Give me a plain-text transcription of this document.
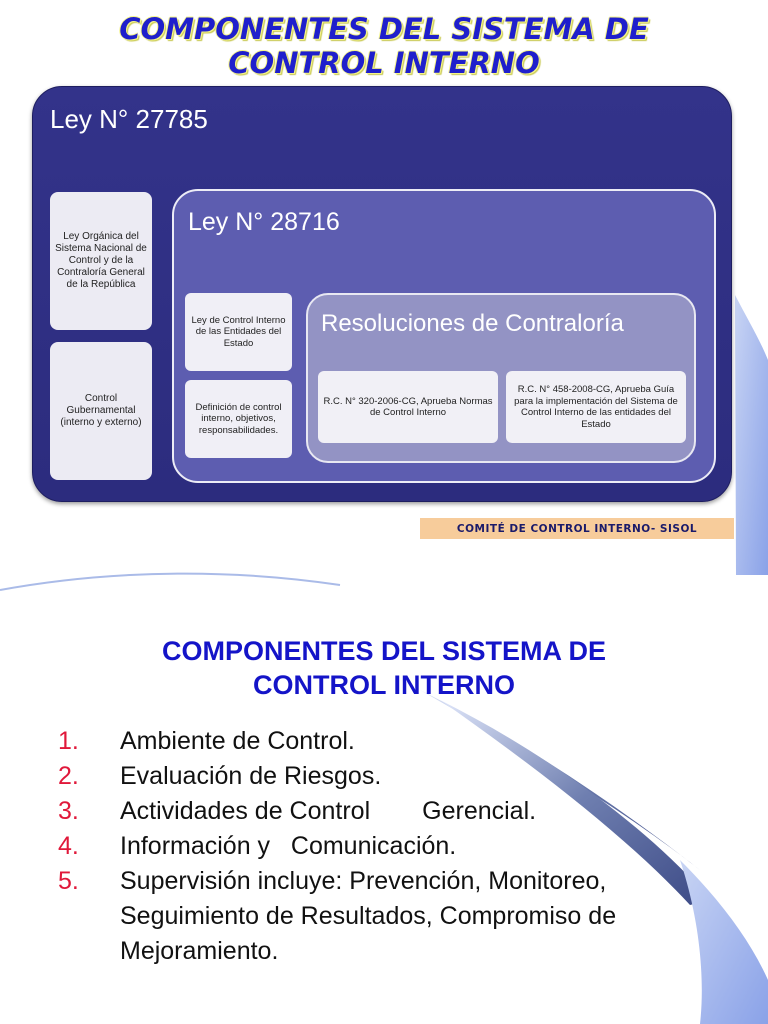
COMPONENTES DEL SISTEMA DE
CONTROL INTERNO
Ley N° 27785
Ley Orgánica del Sistema Nacional de Control y de la Contraloría General de la República
Control Gubernamental (interno y externo)
Ley N° 28716
Ley de Control Interno de las Entidades del Estado
Definición de control interno, objetivos, responsabilidades.
Resoluciones de Contraloría
R.C. N° 320-2006-CG, Aprueba Normas de Control Interno
R.C. N° 458-2008-CG, Aprueba Guía para la implementación del Sistema de Control Interno de las entidades del Estado
COMITÉ DE CONTROL INTERNO- SISOL
COMPONENTES DEL SISTEMA DE
CONTROL INTERNO
1. Ambiente de Control.
2. Evaluación de Riesgos.
3. Actividades de Control Gerencial.
4. Información y   Comunicación.
5. Supervisión incluye: Prevención, Monitoreo, Seguimiento de Resultados, Compromiso de Mejoramiento.
